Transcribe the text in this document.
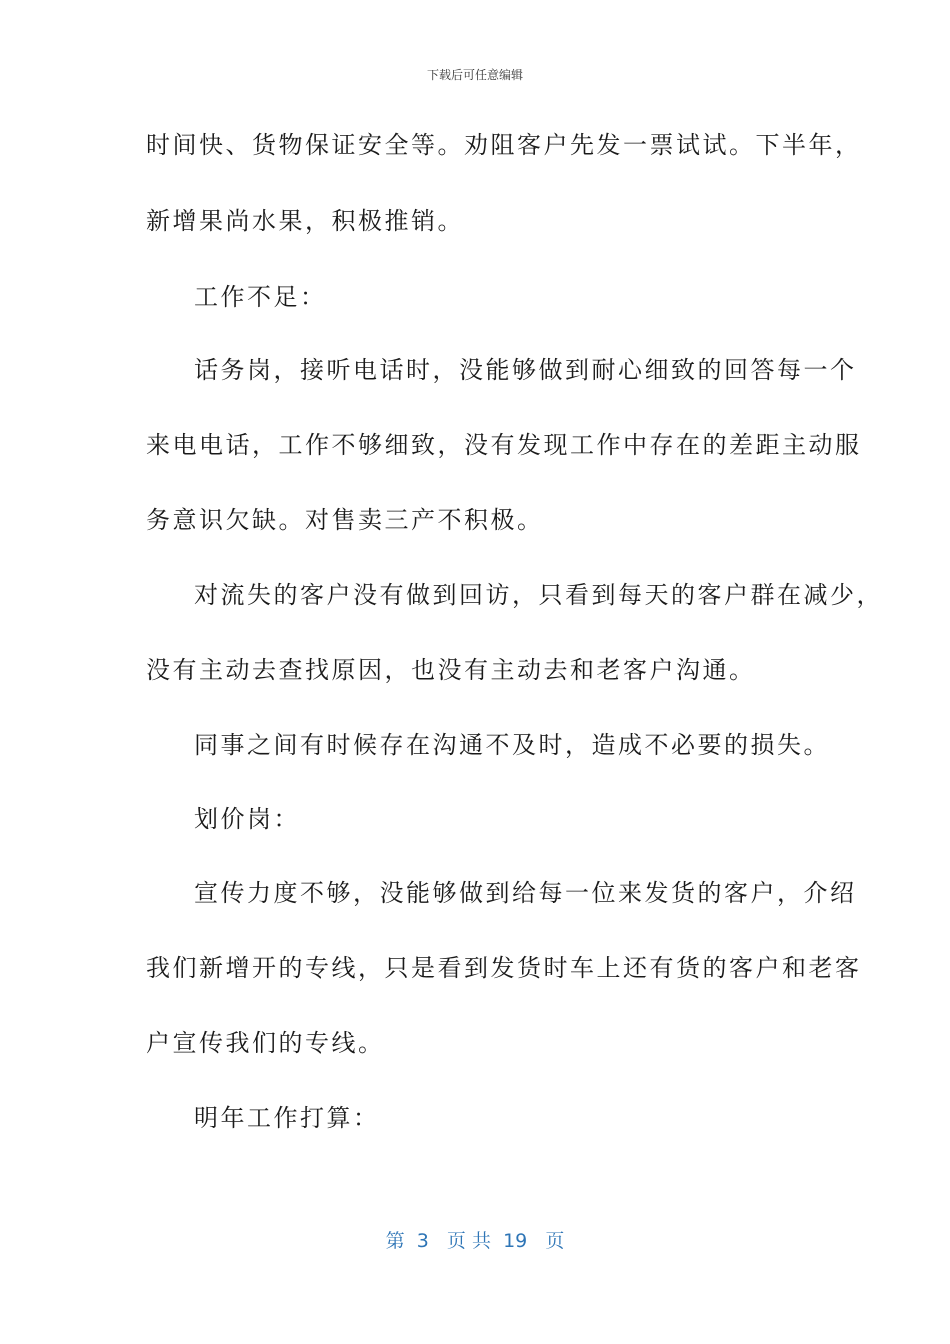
下载后可任意编辑
时间快、货物保证安全等。劝阻客户先发一票试试。下半年，
新增果尚水果，积极推销。
工作不足：
话务岗，接听电话时，没能够做到耐心细致的回答每一个
来电电话，工作不够细致，没有发现工作中存在的差距主动服
务意识欠缺。对售卖三产不积极。
对流失的客户没有做到回访，只看到每天的客户群在减少，
没有主动去查找原因，也没有主动去和老客户沟通。
同事之间有时候存在沟通不及时，造成不必要的损失。
划价岗：
宣传力度不够，没能够做到给每一位来发货的客户，介绍
我们新增开的专线，只是看到发货时车上还有货的客户和老客
户宣传我们的专线。
明年工作打算：
第 3 页 共 19 页
